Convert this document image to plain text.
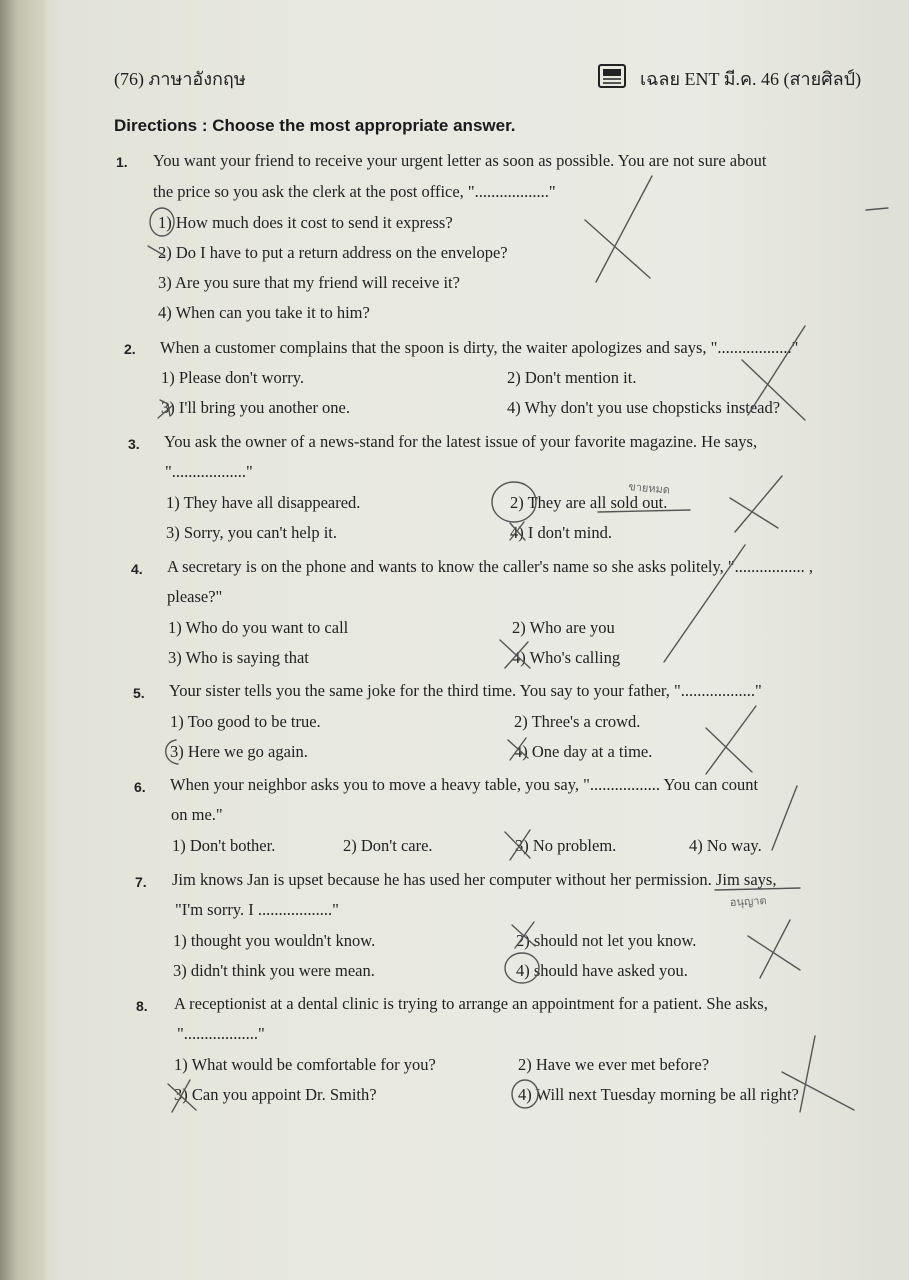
(76) ภาษาอังกฤษ	เฉลย ENT มี.ค. 46 (สายศิลป์)
Directions : Choose the most appropriate answer.
1. You want your friend to receive your urgent letter as soon as possible. You are not sure about
the price so you ask the clerk at the post office, ".................."
1) How much does it cost to send it express?
2) Do I have to put a return address on the envelope?
3) Are you sure that my friend will receive it?
4) When can you take it to him?
2. When a customer complains that the spoon is dirty, the waiter apologizes and says, ".................."
1) Please don't worry.	2) Don't mention it.
3) I'll bring you another one.	4) Why don't you use chopsticks instead?
3. You ask the owner of a news-stand for the latest issue of your favorite magazine. He says,
".................."
1) They have all disappeared.	2) They are all sold out.
3) Sorry, you can't help it.	4) I don't mind.
4. A secretary is on the phone and wants to know the caller's name so she asks politely, "................. ,
please?"
1) Who do you want to call	2) Who are you
3) Who is saying that	4) Who's calling
5. Your sister tells you the same joke for the third time. You say to your father, ".................."
1) Too good to be true.	2) Three's a crowd.
3) Here we go again.	4) One day at a time.
6. When your neighbor asks you to move a heavy table, you say, "................. You can count
on me."
1) Don't bother.	2) Don't care.	3) No problem.	4) No way.
7. Jim knows Jan is upset because he has used her computer without her permission. Jim says,
"I'm sorry. I .................."
1) thought you wouldn't know.	2) should not let you know.
3) didn't think you were mean.	4) should have asked you.
8. A receptionist at a dental clinic is trying to arrange an appointment for a patient. She asks,
".................."
1) What would be comfortable for you?	2) Have we ever met before?
3) Can you appoint Dr. Smith?	4) Will next Tuesday morning be all right?
ขายหมด
อนุญาต
